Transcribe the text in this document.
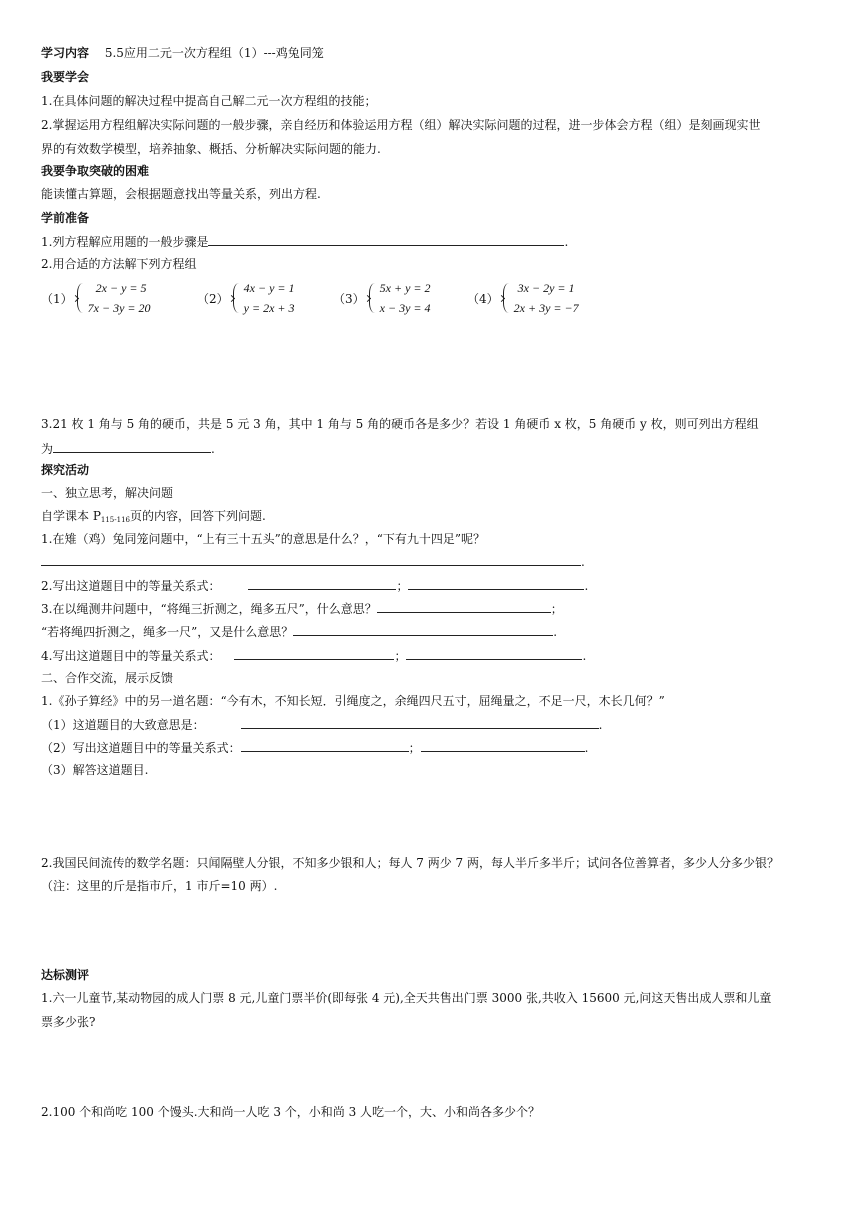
学习内容 5.5应用二元一次方程组（1）---鸡兔同笼
我要学会
1.在具体问题的解决过程中提高自己解二元一次方程组的技能；
2.掌握运用方程组解决实际问题的一般步骤，亲自经历和体验运用方程（组）解决实际问题的过程，进一步体会方程（组）是刻画现实世
界的有效数学模型，培养抽象、概括、分析解决实际问题的能力.
我要争取突破的困难
能读懂古算题，会根据题意找出等量关系，列出方程.
学前准备
1.列方程解应用题的一般步骤是	.
2.用合适的方法解下列方程组
（1）
2x − y = 5
7x − 3y = 20
（2）
4x − y = 1
y = 2x + 3
（3）
5x + y = 2
x − 3y = 4
（4）
3x − 2y = 1
2x + 3y = −7
3.21 枚 1 角与 5 角的硬币，共是 5 元 3 角，其中 1 角与 5 角的硬币各是多少？若设 1 角硬币 x 枚，5 角硬币 y 枚，则可列出方程组
为	.
探究活动
一、独立思考，解决问题
自学课本 $P_{115-116}$页的内容，回答下列问题.
1.在雉（鸡）兔同笼问题中，“上有三十五头”的意思是什么？，“下有九十四足”呢？
.
2.写出这道题目中的等量关系式：	；	.
3.在以绳测井问题中，“将绳三折测之，绳多五尺”，什么意思？	；
“若将绳四折测之，绳多一尺”，又是什么意思？	.
4.写出这道题目中的等量关系式：	；	.
二、合作交流，展示反馈
1.《孙子算经》中的另一道名题：“今有木，不知长短．引绳度之，余绳四尺五寸，屈绳量之，不足一尺，木长几何？”
（1）这道题目的大致意思是：	.
（2）写出这道题目中的等量关系式：	；	.
（3）解答这道题目.
2.我国民间流传的数学名题：只闻隔壁人分银，不知多少银和人；每人 7 两少 7 两，每人半斤多半斤；试问各位善算者，多少人分多少银？
（注：这里的斤是指市斤，1 市斤=10 两）.
达标测评
1.六一儿童节,某动物园的成人门票 8 元,儿童门票半价(即每张 4 元),全天共售出门票 3000 张,共收入 15600 元,问这天售出成人票和儿童
票多少张?
2.100 个和尚吃 100 个馒头.大和尚一人吃 3 个，小和尚 3 人吃一个，大、小和尚各多少个？
